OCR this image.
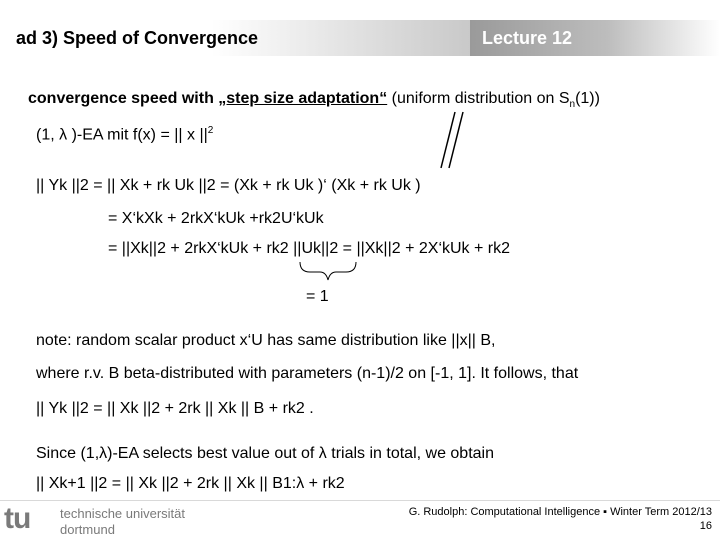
ad 3) Speed of Convergence	Lecture 12
convergence speed with „step size adaptation“ (uniform distribution on $S_n(1)$)
(1, λ )-EA mit f(x) = || x $||^2$
|| Yk ||2 = || Xk + rk Uk ||2 = (Xk + rk Uk )‘ (Xk + rk Uk )
= X‘kXk + 2rkX‘kUk +rk2U‘kUk
= ||Xk||2 + 2rkX‘kUk + rk2 ||Uk||2 = ||Xk||2 + 2X‘kUk + rk2
= 1
note: random scalar product x‘U has same distribution like ||x|| B,
where r.v. B beta-distributed with parameters (n-1)/2 on [-1, 1]. It follows, that
|| Yk ||2 = || Xk ||2 + 2rk || Xk || B + rk2 .
Since (1,λ)-EA selects best value out of λ trials in total, we obtain
|| Xk+1 ||2 = || Xk ||2 + 2rk || Xk || B1:λ + rk2
tu technische universität
dortmund
G. Rudolph: Computational Intelligence ▪ Winter Term 2012/13
16
